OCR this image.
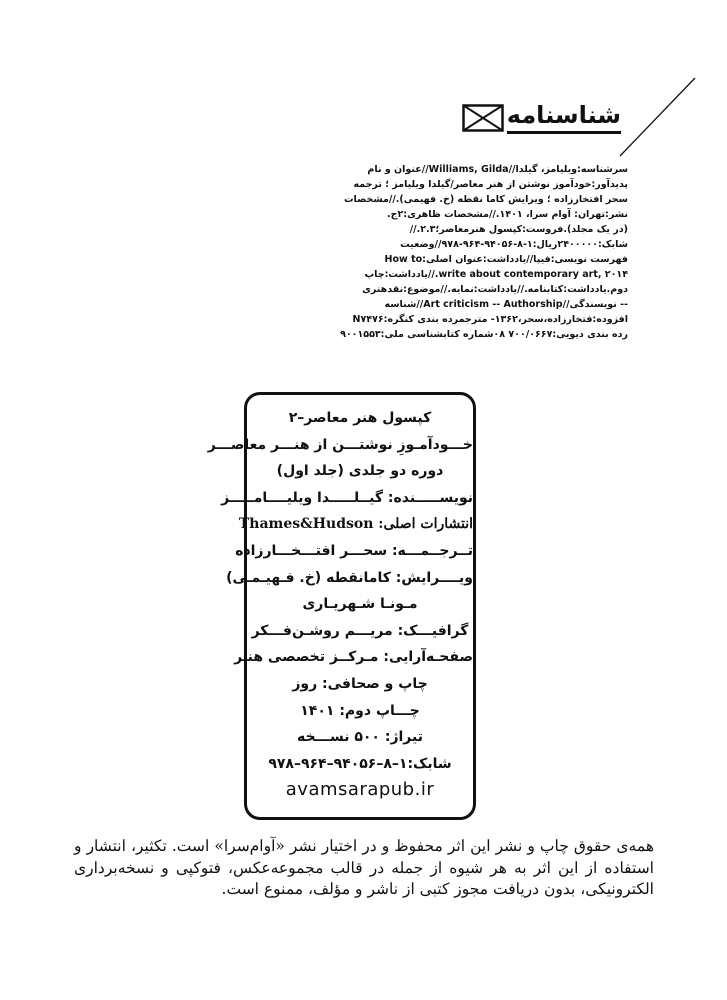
شناسنامه
سرشناسه:ویلیامز، گیلدا//Williams, Gilda//عنوان و نام
پدیدآور:خودآموز نوشتن از هنر معاصر/گیلدا ویلیامز ؛ ترجمه
سحر افتخارزاده ؛ ویرایش کاما نقطه (خ. فهیمی).//مشخصات
نشر:تهران: آوام سرا، ۱۴۰۱.//مشخصات ظاهری:۲ج.
(در یک مجلد).فروست:کپسول هنرمعاصر؛۲.۳.//
شابک:۲۴۰۰۰۰۰ریال:۱-۸-۹۴۰۵۶-۹۶۴-۹۷۸//وضعیت
فهرست نویسی:فیپا//یادداشت:عنوان اصلی:How to
write about contemporary art, ۲۰۱۴.//یادداشت:چاپ
دوم.یادداشت:کتابنامه.//یادداشت:نمایه.//موضوع:نقدهنری
-- نویسندگی//Art criticism -- Authorship//شناسه
افزوده:فتخارزاده،سحر،۱۳۶۲- مترجمرده بندی کنگره:N۷۴۷۶
رده بندی دیویی:۷۰۰/۰۶۶۷ ۰۸شماره کتابشناسی ملی:۹۰۰۱۵۵۳

کپسول هنر معاصر–۲

خـــودآمـوزِ نوشتـــن از هنـــر معاصـــر

دوره دو جلدی (جلد اول)

نویســـــنده: گیــلـــــدا ویلیــــامـــــز

انتشارات اصلی: Thames&Hudson

تــرجــمـــه: سحـــر افتـــخـــارزاده

ویــــرایش: کامانقطه (خ. فـهیـمـی)

مـونـا شـهریـاری

گرافیـــک: مریـــم روشـن‌فـــکر

صفحـه‌آرایی: مـرکــز تخصصی هنـر

چاپ و صحافی: روز

چـــاپ دوم: ۱۴۰۱

تیراژ: ۵۰۰ نســـخه

شابک:۱–۸–۹۴۰۵۶–۹۶۴–۹۷۸

avamsarapub.ir

همه‌ی حقوق چاپ و نشر این اثر محفوظ و در اختیار نشر «آوام‌سرا» است. تکثیر، انتشار و استفاده از این اثر به هر شیوه از جمله در قالب مجموعه‌عکس، فتوکپی و نسخه‌برداری الکترونیکی، بدون دریافت مجوز کتبی از ناشر و مؤلف، ممنوع است.
